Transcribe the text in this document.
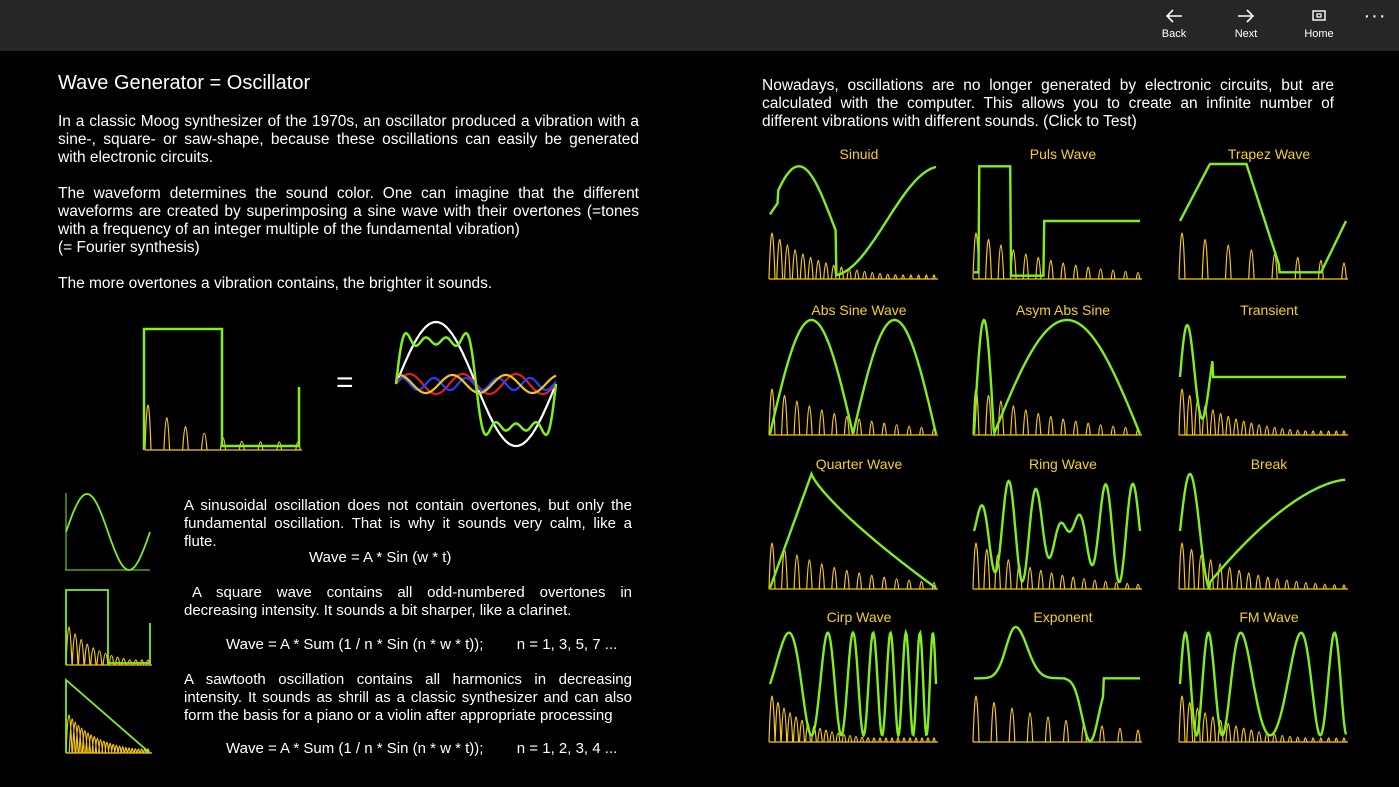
Back	Next	Home
···
Wave Generator = Oscillator
In a classic Moog synthesizer of the 1970s, an oscillator produced a vibration with a sine-, square- or saw-shape, because these oscillations can easily be generated with electronic circuits.
The waveform determines the sound color. One can imagine that the different waveforms are created by superimposing a sine wave with their overtones (=tones with a frequency of an integer multiple of the fundamental vibration)
(= Fourier synthesis)
The more overtones a vibration contains, the brighter it sounds.
=
A sinusoidal oscillation does not contain overtones, but only the fundamental oscillation. That is why it sounds very calm, like a flute.
Wave = A * Sin (w * t)
A square wave contains all odd-numbered overtones in decreasing intensity. It sounds a bit sharper, like a clarinet.
Wave = A * Sum (1 / n * Sin (n * w * t));        n = 1, 3, 5, 7 ...
A sawtooth oscillation contains all harmonics in decreasing intensity. It sounds as shrill as a classic synthesizer and can also form the basis for a piano or a violin after appropriate processing
Wave = A * Sum (1 / n * Sin (n * w * t));        n = 1, 2, 3, 4 ...
Nowadays, oscillations are no longer generated by electronic circuits, but are calculated with the computer. This allows you to create an infinite number of different vibrations with different sounds. (Click to Test)
Sinuid	Puls Wave	Trapez Wave
Abs Sine Wave	Asym Abs Sine	Transient
Quarter Wave	Ring Wave	Break
Cirp Wave	Exponent	FM Wave
